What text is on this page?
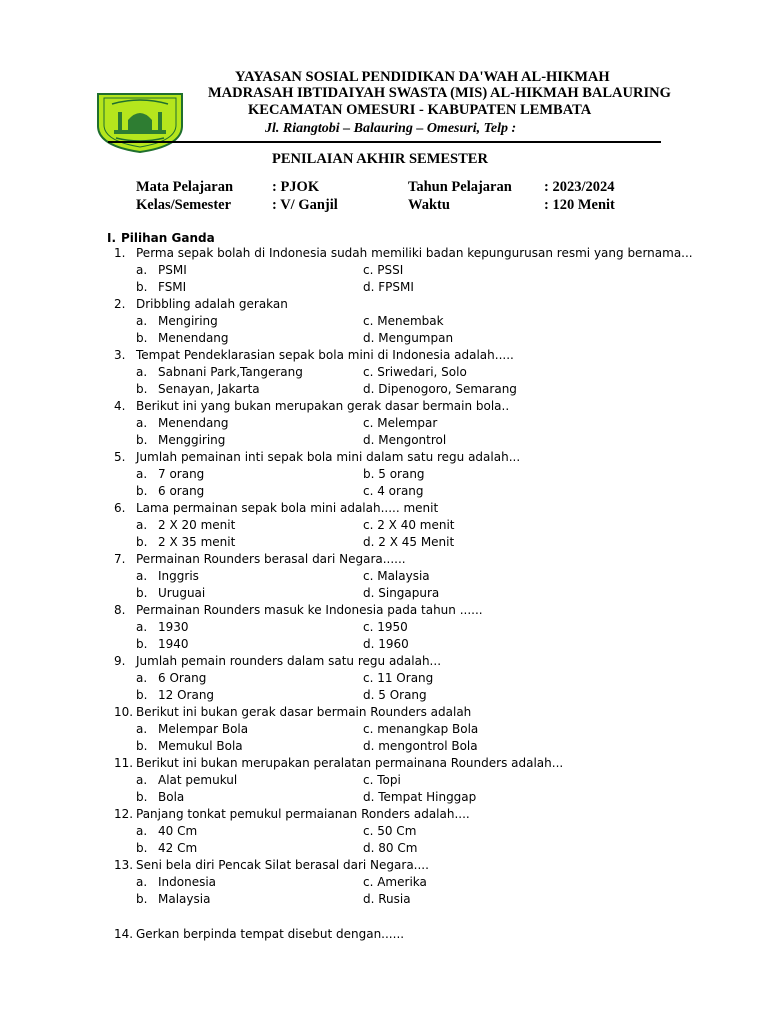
YAYASAN SOSIAL PENDIDIKAN DA'WAH AL-HIKMAH
MADRASAH IBTIDAIYAH SWASTA (MIS) AL-HIKMAH BALAURING
KECAMATAN OMESURI - KABUPATEN LEMBATA
Jl. Riangtobi – Balauring – Omesuri, Telp :
PENILAIAN AKHIR SEMESTER
Mata Pelajaran	: PJOK	Tahun Pelajaran : 2023/2024
Kelas/Semester	: V/ Ganjil	Waktu	: 120 Menit
I. Pilihan Ganda
1. Perma sepak bolah di Indonesia sudah memiliki badan kepungurusan resmi yang bernama...
a. PSMI	c. PSSI
b. FSMI	d. FPSMI
2. Dribbling adalah gerakan
a. Mengiring	c. Menembak
b. Menendang	d. Mengumpan
3. Tempat Pendeklarasian sepak bola mini di Indonesia adalah.....
a. Sabnani Park,Tangerang	c. Sriwedari, Solo
b. Senayan, Jakarta	d. Dipenogoro, Semarang
4. Berikut ini yang bukan merupakan gerak dasar bermain bola..
a. Menendang	c. Melempar
b. Menggiring	d. Mengontrol
5. Jumlah pemainan inti sepak bola mini dalam satu regu adalah...
a. 7 orang	b. 5 orang
b. 6 orang	c. 4 orang
6. Lama permainan sepak bola mini adalah..... menit
a. 2 X 20 menit	c. 2 X 40 menit
b. 2 X 35 menit	d. 2 X 45 Menit
7. Permainan Rounders berasal dari Negara......
a. Inggris	c. Malaysia
b. Uruguai	d. Singapura
8. Permainan Rounders masuk ke Indonesia pada tahun ......
a. 1930	c. 1950
b. 1940	d. 1960
9. Jumlah pemain rounders dalam satu regu adalah...
a. 6 Orang	c. 11 Orang
b. 12 Orang	d. 5 Orang
10. Berikut ini bukan gerak dasar bermain Rounders adalah
a. Melempar Bola	c. menangkap Bola
b. Memukul Bola	d. mengontrol Bola
11. Berikut ini bukan merupakan peralatan permainana Rounders adalah...
a. Alat pemukul	c. Topi
b. Bola	d. Tempat Hinggap
12. Panjang tonkat pemukul permaianan Ronders adalah....
a. 40 Cm	c. 50 Cm
b. 42 Cm	d. 80 Cm
13. Seni bela diri Pencak Silat berasal dari Negara....
a. Indonesia	c. Amerika
b. Malaysia	d. Rusia
14. Gerkan berpinda tempat disebut dengan......
